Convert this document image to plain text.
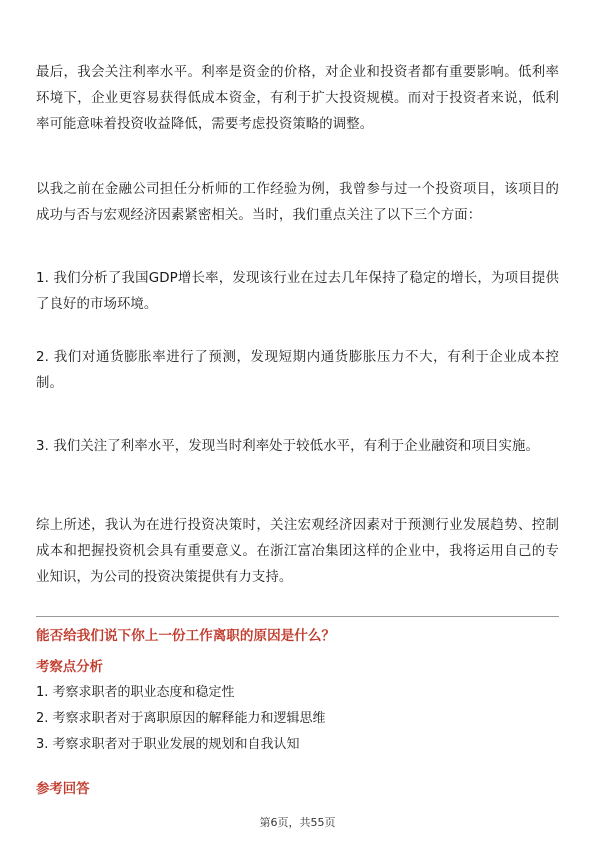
最后，我会关注利率水平。利率是资金的价格，对企业和投资者都有重要影响。低利率环境下，企业更容易获得低成本资金，有利于扩大投资规模。而对于投资者来说，低利率可能意味着投资收益降低，需要考虑投资策略的调整。

以我之前在金融公司担任分析师的工作经验为例，我曾参与过一个投资项目，该项目的成功与否与宏观经济因素紧密相关。当时，我们重点关注了以下三个方面：

1. 我们分析了我国GDP增长率，发现该行业在过去几年保持了稳定的增长，为项目提供了良好的市场环境。

2. 我们对通货膨胀率进行了预测，发现短期内通货膨胀压力不大，有利于企业成本控制。

3. 我们关注了利率水平，发现当时利率处于较低水平，有利于企业融资和项目实施。

综上所述，我认为在进行投资决策时，关注宏观经济因素对于预测行业发展趋势、控制成本和把握投资机会具有重要意义。在浙江富冶集团这样的企业中，我将运用自己的专业知识，为公司的投资决策提供有力支持。

能否给我们说下你上一份工作离职的原因是什么？

考察点分析

1. 考察求职者的职业态度和稳定性
2. 考察求职者对于离职原因的解释能力和逻辑思维
3. 考察求职者对于职业发展的规划和自我认知

参考回答

第6页，共55页
